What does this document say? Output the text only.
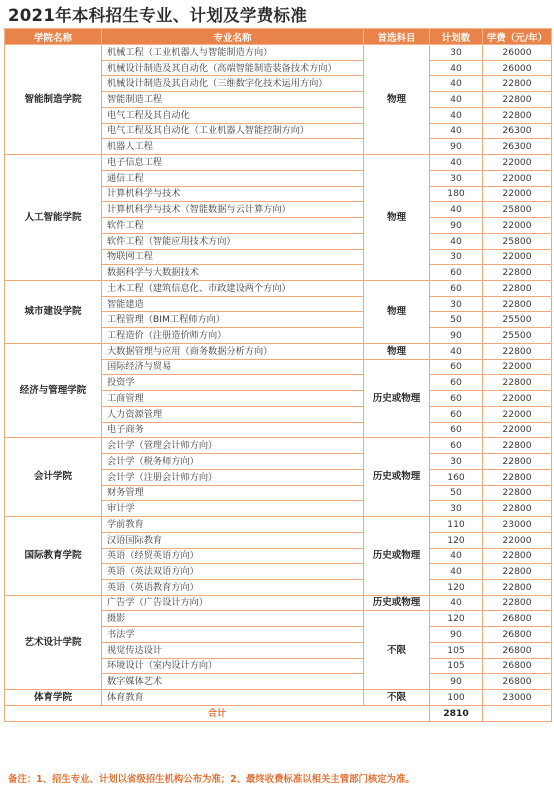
2021年本科招生专业、计划及学费标准
学院名称	专业名称	首选科目	计划数	学费（元/年）
智能制造学院	机械工程（工业机器人与智能制造方向）	物理	30	26000
	机械设计制造及其自动化（高端智能制造装备技术方向）		40	26000
	机械设计制造及其自动化（三维数字化技术运用方向）		40	22800
	智能制造工程		40	22800
	电气工程及其自动化		40	22800
	电气工程及其自动化（工业机器人智能控制方向）		40	26300
	机器人工程		90	26300
人工智能学院	电子信息工程	物理	40	22000
	通信工程		30	22000
	计算机科学与技术		180	22000
	计算机科学与技术（智能数据与云计算方向）		40	25800
	软件工程		90	22000
	软件工程（智能应用技术方向）		40	25800
	物联网工程		30	22000
	数据科学与大数据技术		60	22800
城市建设学院	土木工程（建筑信息化、市政建设两个方向）	物理	60	22800
	智能建造		30	22800
	工程管理（BIM工程师方向）		50	25500
	工程造价（注册造价师方向）		90	25500
经济与管理学院	大数据管理与应用（商务数据分析方向）	物理	40	22800
	国际经济与贸易	历史或物理	60	22000
	投资学		60	22800
	工商管理		60	22000
	人力资源管理		60	22000
	电子商务		60	22000
会计学院	会计学（管理会计师方向）	历史或物理	60	22800
	会计学（税务师方向）		30	22800
	会计学（注册会计师方向）		160	22800
	财务管理		50	22800
	审计学		30	22800
国际教育学院	学前教育	历史或物理	110	23000
	汉语国际教育		120	22000
	英语（经贸英语方向）		40	22800
	英语（英法双语方向）		40	22800
	英语（英语教育方向）		120	22800
艺术设计学院	广告学（广告设计方向）	历史或物理	40	22800
	摄影	不限	120	26800
	书法学		90	26800
	视觉传达设计		105	26800
	环境设计（室内设计方向）		105	26800
	数字媒体艺术		90	26800
体育学院	体育教育	不限	100	23000
合计			2810	
备注：1、招生专业、计划以省级招生机构公布为准；2、最终收费标准以相关主管部门核定为准。
